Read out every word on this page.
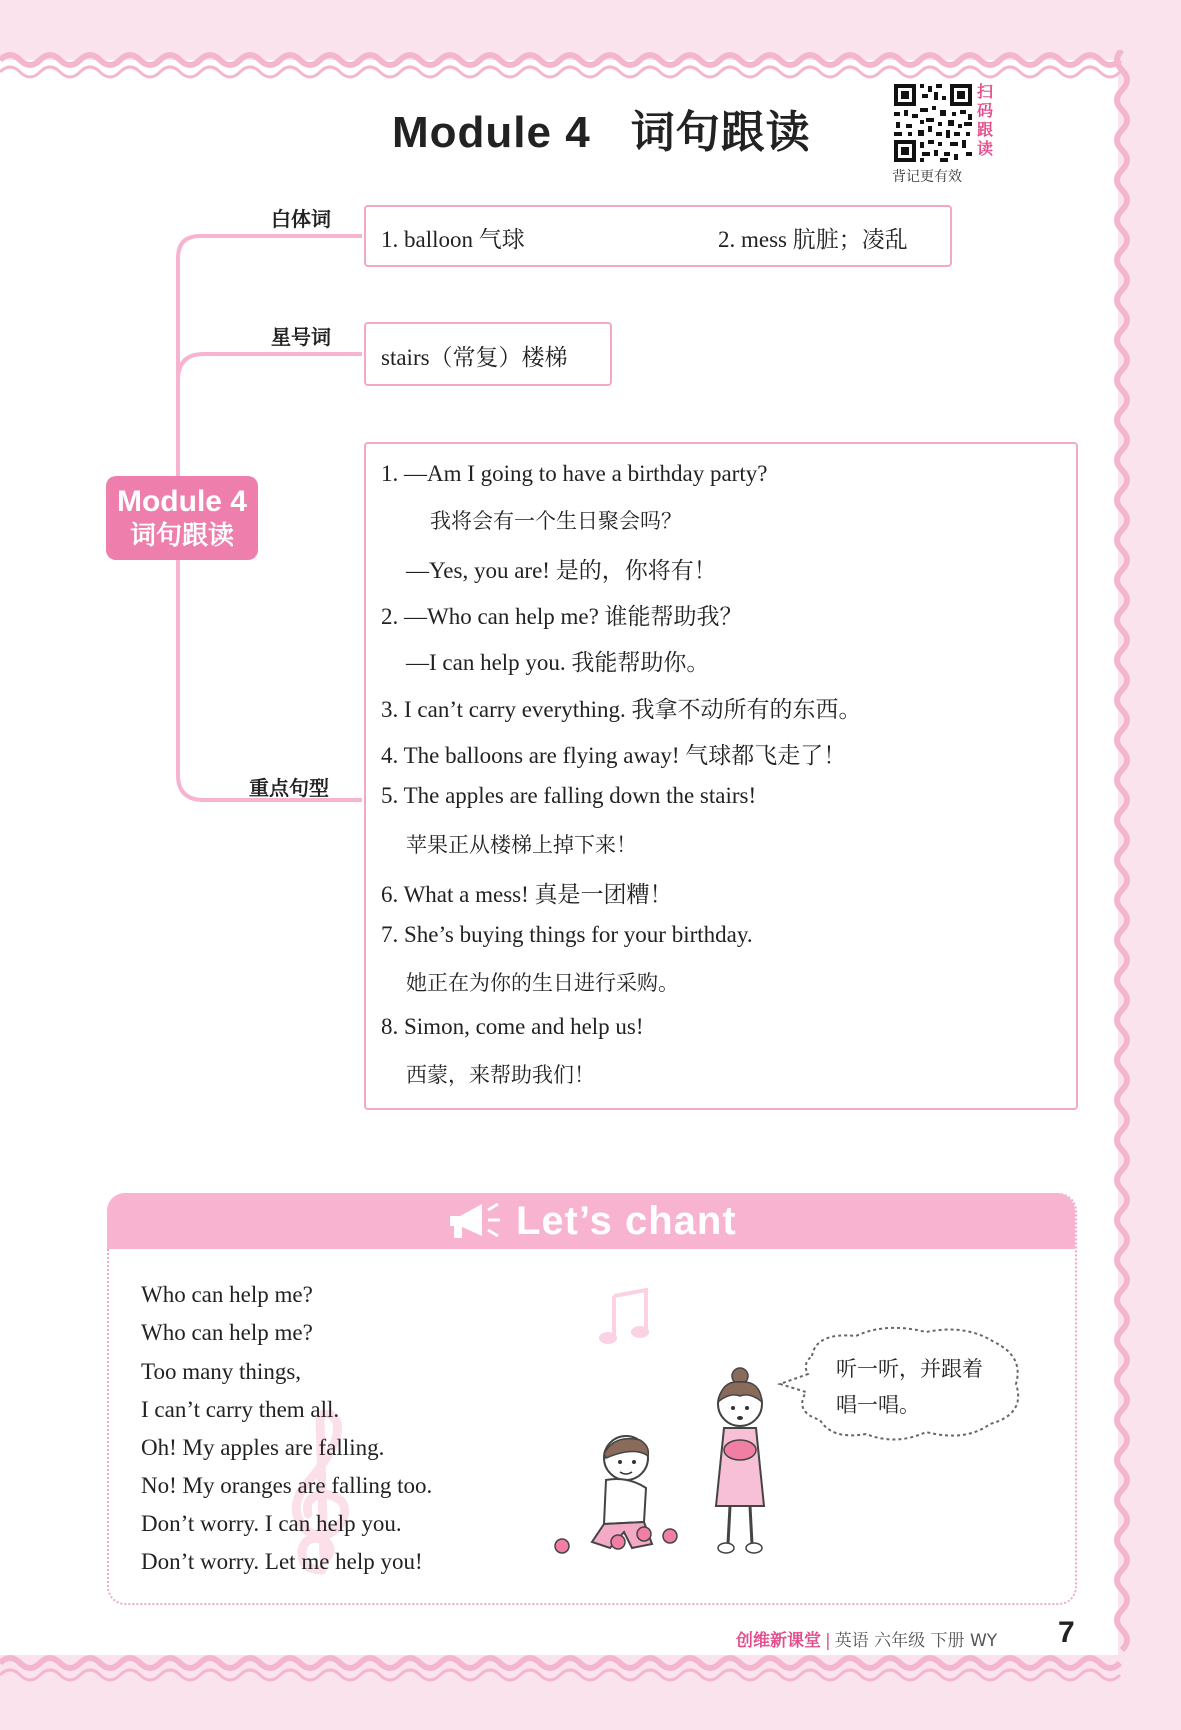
Module 4 词句跟读
扫
码
跟
读
背记更有效
白体词
星号词
重点句型
Module 4
词句跟读
1. balloon 气球	2. mess 肮脏；凌乱
stairs（常复）楼梯
1. —Am I going to have a birthday party?
我将会有一个生日聚会吗？
—Yes, you are! 是的，你将有！
2. —Who can help me? 谁能帮助我？
—I can help you. 我能帮助你。
3. I can’t carry everything. 我拿不动所有的东西。
4. The balloons are flying away! 气球都飞走了！
5. The apples are falling down the stairs!
苹果正从楼梯上掉下来！
6. What a mess! 真是一团糟！
7. She’s buying things for your birthday.
她正在为你的生日进行采购。
8. Simon, come and help us!
西蒙，来帮助我们！
Let’s chant
Who can help me?
Who can help me?
Too many things,
I can’t carry them all.
Oh! My apples are falling.
No! My oranges are falling too.
Don’t worry. I can help you.
Don’t worry. Let me help you!
听一听，并跟着
唱一唱。
创维新课堂 | 英语 六年级 下册 WY 7
